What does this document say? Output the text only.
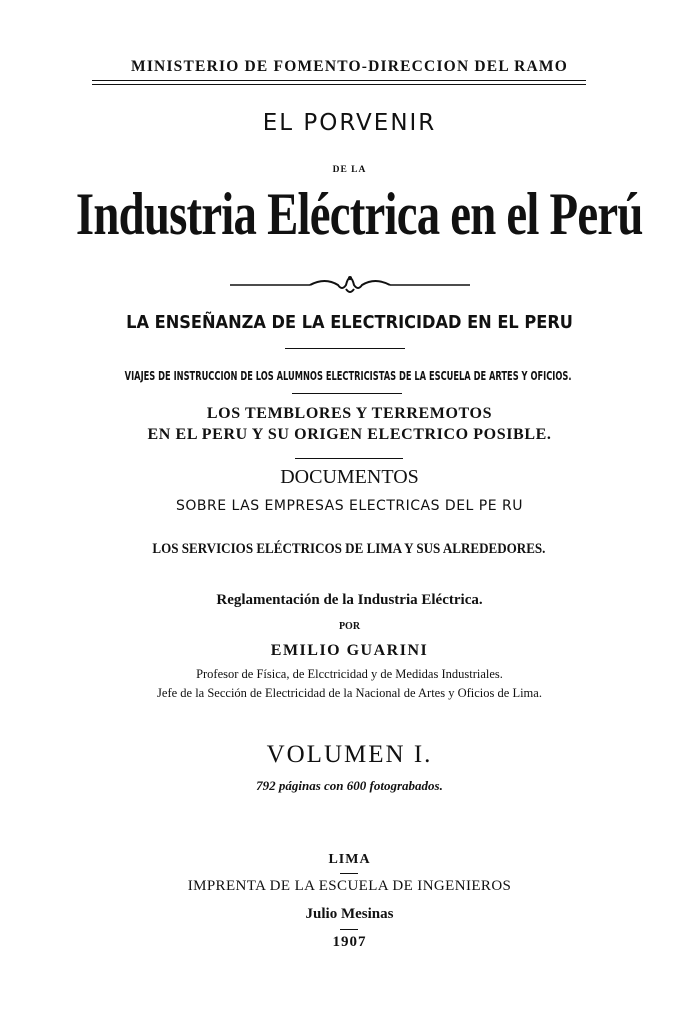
MINISTERIO DE FOMENTO-DIRECCION DEL RAMO
EL PORVENIR
DE LA
Industria Eléctrica en el Perú
LA ENSEÑANZA DE LA ELECTRICIDAD EN EL PERU
VIAJES DE INSTRUCCION DE LOS ALUMNOS ELECTRICISTAS DE LA ESCUELA DE ARTES Y OFICIOS.
LOS TEMBLORES Y TERREMOTOS
EN EL PERU Y SU ORIGEN ELECTRICO POSIBLE.
DOCUMENTOS
SOBRE LAS EMPRESAS ELECTRICAS DEL PE RU
LOS SERVICIOS ELÉCTRICOS DE LIMA Y SUS ALREDEDORES.
Reglamentación de la Industria Eléctrica.
POR
EMILIO GUARINI
Profesor de Física, de Elcctricidad y de Medidas Industriales.
Jefe de la Sección de Electricidad de la Nacional de Artes y Oficios de Lima.
VOLUMEN I.
792 páginas con 600 fotograbados.
LIMA
IMPRENTA DE LA ESCUELA DE INGENIEROS
Julio Mesinas
1907
